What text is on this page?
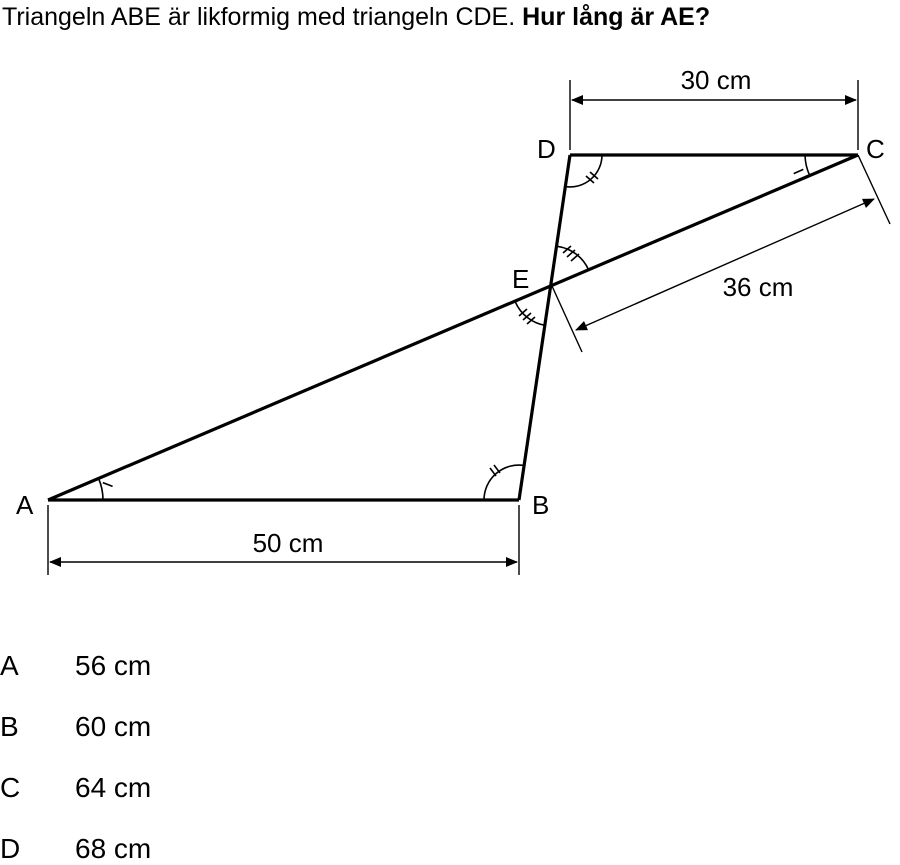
Triangeln ABE är likformig med triangeln CDE. Hur lång är AE?
A	B
C
D
E
30 cm
36 cm
50 cm
A 56 cm
B 60 cm
C 64 cm
D 68 cm
